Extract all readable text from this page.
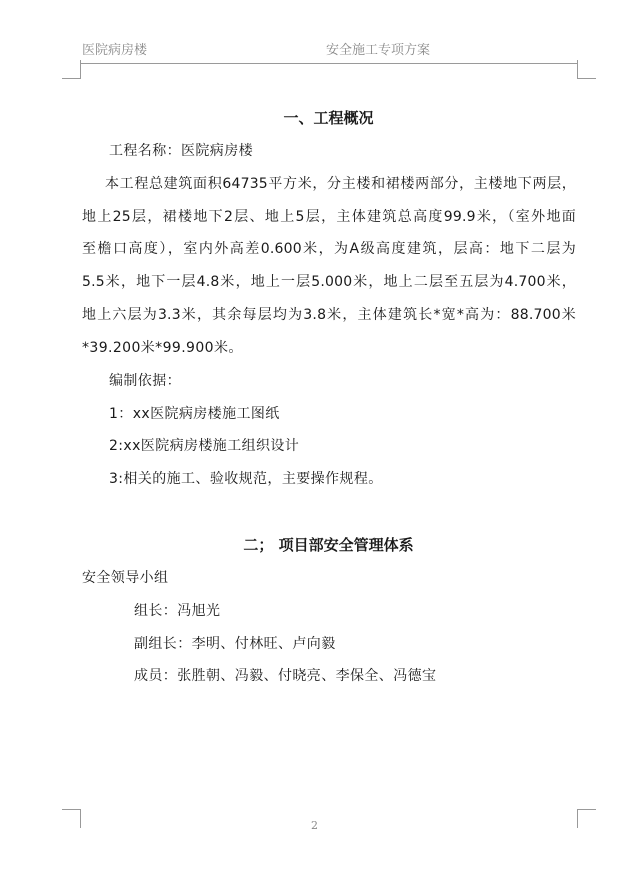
医院病房楼	安全施工专项方案
一、工程概况
工程名称：医院病房楼
本工程总建筑面积64735平方米，分主楼和裙楼两部分，主楼地下两层，
地上25层，裙楼地下2层、地上5层，主体建筑总高度99.9米，（室外地面
至檐口高度），室内外高差0.600米，为A级高度建筑，层高：地下二层为
5.5米，地下一层4.8米，地上一层5.000米，地上二层至五层为4.700米，
地上六层为3.3米，其余每层均为3.8米，主体建筑长*宽*高为：88.700米
*39.200米*99.900米。
编制依据：
1：xx医院病房楼施工图纸
2:xx医院病房楼施工组织设计
3:相关的施工、验收规范，主要操作规程。
二； 项目部安全管理体系
安全领导小组
组长：冯旭光
副组长：李明、付林旺、卢向毅
成员：张胜朝、冯毅、付晓亮、李保全、冯德宝
2
